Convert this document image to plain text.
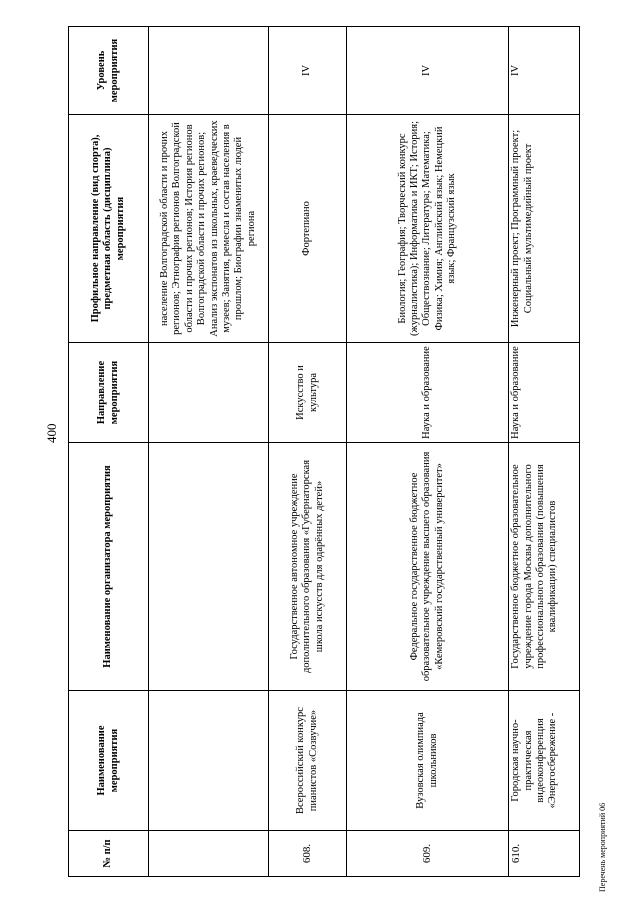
400
Перечень мероприятий 06
№ п/п	Наименование мероприятия	Наименование организатора мероприятия	Направление мероприятия	Профильное направление (вид спорта), предметная область (дисциплина) мероприятия	Уровень мероприятия
				население Волгоградской области и прочих регионов; Этнография регионов Волгоградской области и прочих регионов; История регионов Волгоградской области и прочих регионов; Анализ экспонатов из школьных, краеведческих музеев; Занятия, ремесла и состав населения в прошлом; Биографии знаменитых людей региона	
608.	Всероссийский конкурс пианистов «Созвучие»	Государственное автономное учреждение дополнительного образования «Губернаторская школа искусств для одарённых детей»	Искусство и культура	Фортепиано	IV
609.	Вузовская олимпиада школьников	Федеральное государственное бюджетное образовательное учреждение высшего образования «Кемеровский государственный университет»	Наука и образование	Биология; География; Творческий конкурс (журналистика); Информатика и ИКТ; История; Обществознание; Литература; Математика; Физика; Химия; Английский язык; Немецкий язык; Французский язык	IV
610.	Городская научно-практическая видеоконференция «Энергосбережение -	Государственное бюджетное образовательное учреждение города Москвы дополнительного профессионального образования (повышения квалификации) специалистов	Наука и образование	Инженерный проект; Программный проект; Социальный мультимедийный проект	IV
